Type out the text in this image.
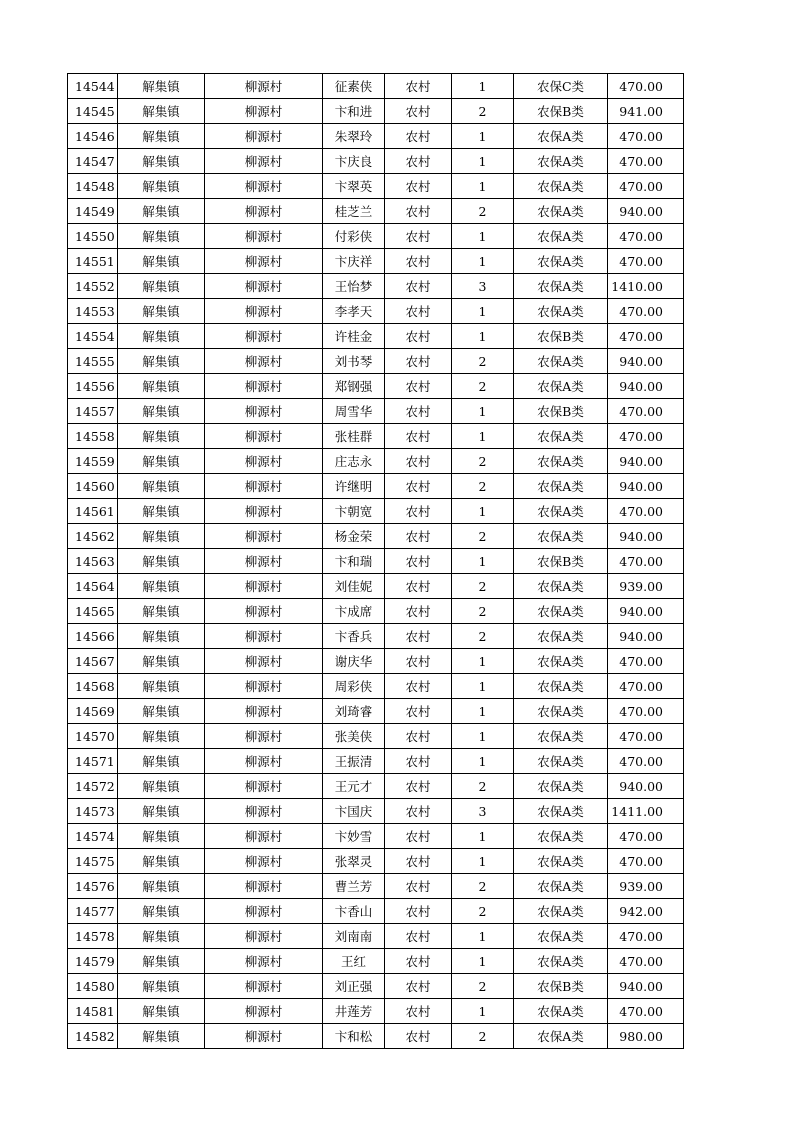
14544	解集镇	柳源村	征素侠	农村	1	农保C类	470.00
14545	解集镇	柳源村	卞和进	农村	2	农保B类	941.00
14546	解集镇	柳源村	朱翠玲	农村	1	农保A类	470.00
14547	解集镇	柳源村	卞庆良	农村	1	农保A类	470.00
14548	解集镇	柳源村	卞翠英	农村	1	农保A类	470.00
14549	解集镇	柳源村	桂芝兰	农村	2	农保A类	940.00
14550	解集镇	柳源村	付彩侠	农村	1	农保A类	470.00
14551	解集镇	柳源村	卞庆祥	农村	1	农保A类	470.00
14552	解集镇	柳源村	王怡梦	农村	3	农保A类	1410.00
14553	解集镇	柳源村	李孝天	农村	1	农保A类	470.00
14554	解集镇	柳源村	许桂金	农村	1	农保B类	470.00
14555	解集镇	柳源村	刘书琴	农村	2	农保A类	940.00
14556	解集镇	柳源村	郑钢强	农村	2	农保A类	940.00
14557	解集镇	柳源村	周雪华	农村	1	农保B类	470.00
14558	解集镇	柳源村	张桂群	农村	1	农保A类	470.00
14559	解集镇	柳源村	庄志永	农村	2	农保A类	940.00
14560	解集镇	柳源村	许继明	农村	2	农保A类	940.00
14561	解集镇	柳源村	卞朝宽	农村	1	农保A类	470.00
14562	解集镇	柳源村	杨金荣	农村	2	农保A类	940.00
14563	解集镇	柳源村	卞和瑞	农村	1	农保B类	470.00
14564	解集镇	柳源村	刘佳妮	农村	2	农保A类	939.00
14565	解集镇	柳源村	卞成席	农村	2	农保A类	940.00
14566	解集镇	柳源村	卞香兵	农村	2	农保A类	940.00
14567	解集镇	柳源村	谢庆华	农村	1	农保A类	470.00
14568	解集镇	柳源村	周彩侠	农村	1	农保A类	470.00
14569	解集镇	柳源村	刘琦睿	农村	1	农保A类	470.00
14570	解集镇	柳源村	张美侠	农村	1	农保A类	470.00
14571	解集镇	柳源村	王振清	农村	1	农保A类	470.00
14572	解集镇	柳源村	王元才	农村	2	农保A类	940.00
14573	解集镇	柳源村	卞国庆	农村	3	农保A类	1411.00
14574	解集镇	柳源村	卞妙雪	农村	1	农保A类	470.00
14575	解集镇	柳源村	张翠灵	农村	1	农保A类	470.00
14576	解集镇	柳源村	曹兰芳	农村	2	农保A类	939.00
14577	解集镇	柳源村	卞香山	农村	2	农保A类	942.00
14578	解集镇	柳源村	刘南南	农村	1	农保A类	470.00
14579	解集镇	柳源村	王红	农村	1	农保A类	470.00
14580	解集镇	柳源村	刘正强	农村	2	农保B类	940.00
14581	解集镇	柳源村	井莲芳	农村	1	农保A类	470.00
14582	解集镇	柳源村	卞和松	农村	2	农保A类	980.00
